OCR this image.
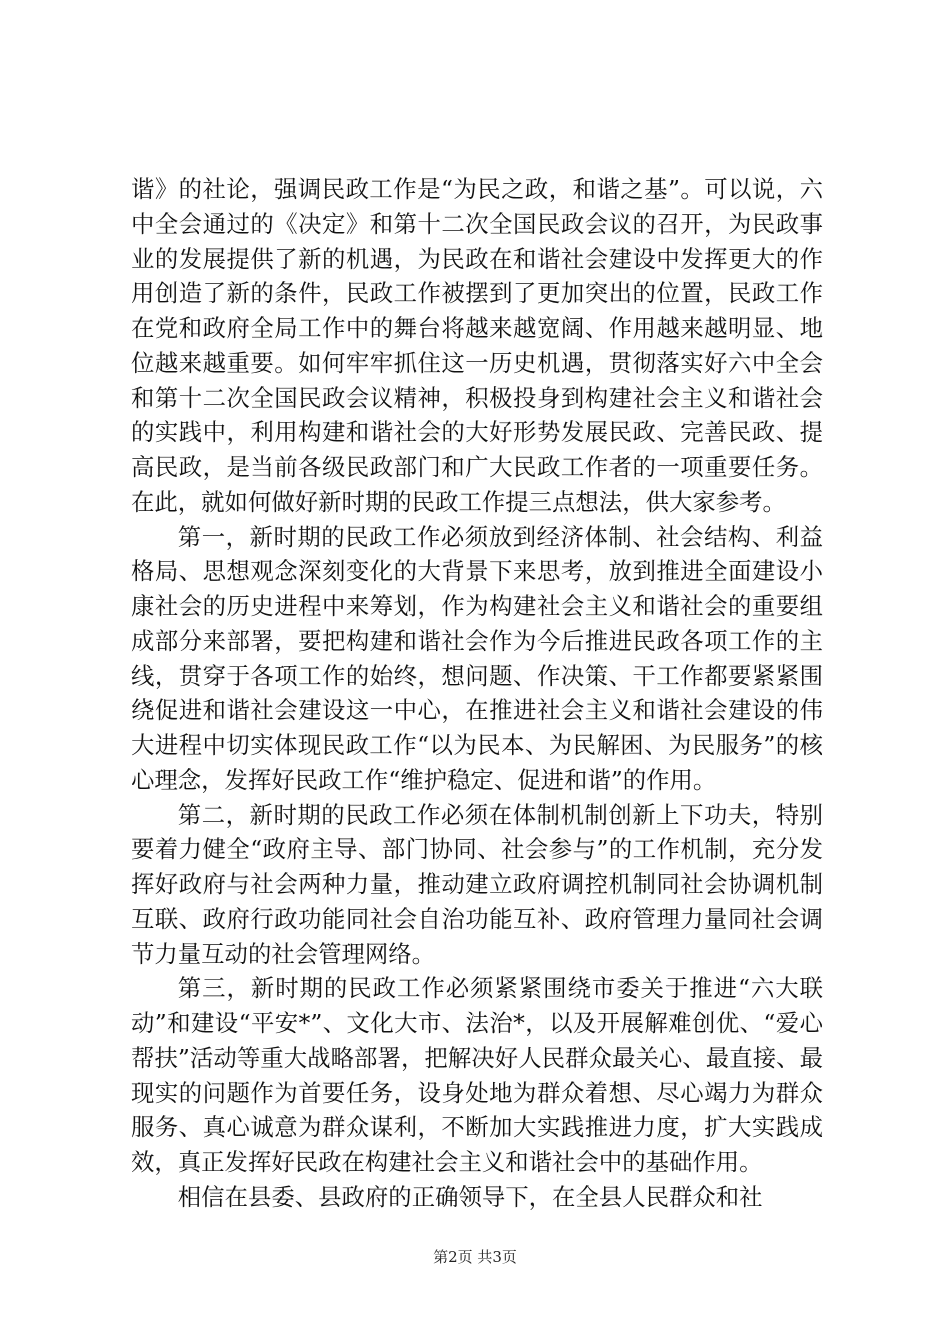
谐》的社论，强调民政工作是“为民之政，和谐之基”。可以说，六中全会通过的《决定》和第十二次全国民政会议的召开，为民政事业的发展提供了新的机遇，为民政在和谐社会建设中发挥更大的作用创造了新的条件，民政工作被摆到了更加突出的位置，民政工作在党和政府全局工作中的舞台将越来越宽阔、作用越来越明显、地位越来越重要。如何牢牢抓住这一历史机遇，贯彻落实好六中全会和第十二次全国民政会议精神，积极投身到构建社会主义和谐社会的实践中，利用构建和谐社会的大好形势发展民政、完善民政、提高民政，是当前各级民政部门和广大民政工作者的一项重要任务。在此，就如何做好新时期的民政工作提三点想法，供大家参考。

第一，新时期的民政工作必须放到经济体制、社会结构、利益格局、思想观念深刻变化的大背景下来思考，放到推进全面建设小康社会的历史进程中来筹划，作为构建社会主义和谐社会的重要组成部分来部署，要把构建和谐社会作为今后推进民政各项工作的主线，贯穿于各项工作的始终，想问题、作决策、干工作都要紧紧围绕促进和谐社会建设这一中心，在推进社会主义和谐社会建设的伟大进程中切实体现民政工作“以为民本、为民解困、为民服务”的核心理念，发挥好民政工作“维护稳定、促进和谐”的作用。

第二，新时期的民政工作必须在体制机制创新上下功夫，特别要着力健全“政府主导、部门协同、社会参与”的工作机制，充分发挥好政府与社会两种力量，推动建立政府调控机制同社会协调机制互联、政府行政功能同社会自治功能互补、政府管理力量同社会调节力量互动的社会管理网络。

第三，新时期的民政工作必须紧紧围绕市委关于推进“六大联动”和建设“平安*”、文化大市、法治*，以及开展解难创优、“爱心帮扶”活动等重大战略部署，把解决好人民群众最关心、最直接、最现实的问题作为首要任务，设身处地为群众着想、尽心竭力为群众服务、真心诚意为群众谋利，不断加大实践推进力度，扩大实践成效，真正发挥好民政在构建社会主义和谐社会中的基础作用。

相信在县委、县政府的正确领导下，在全县人民群众和社

第2页 共3页
